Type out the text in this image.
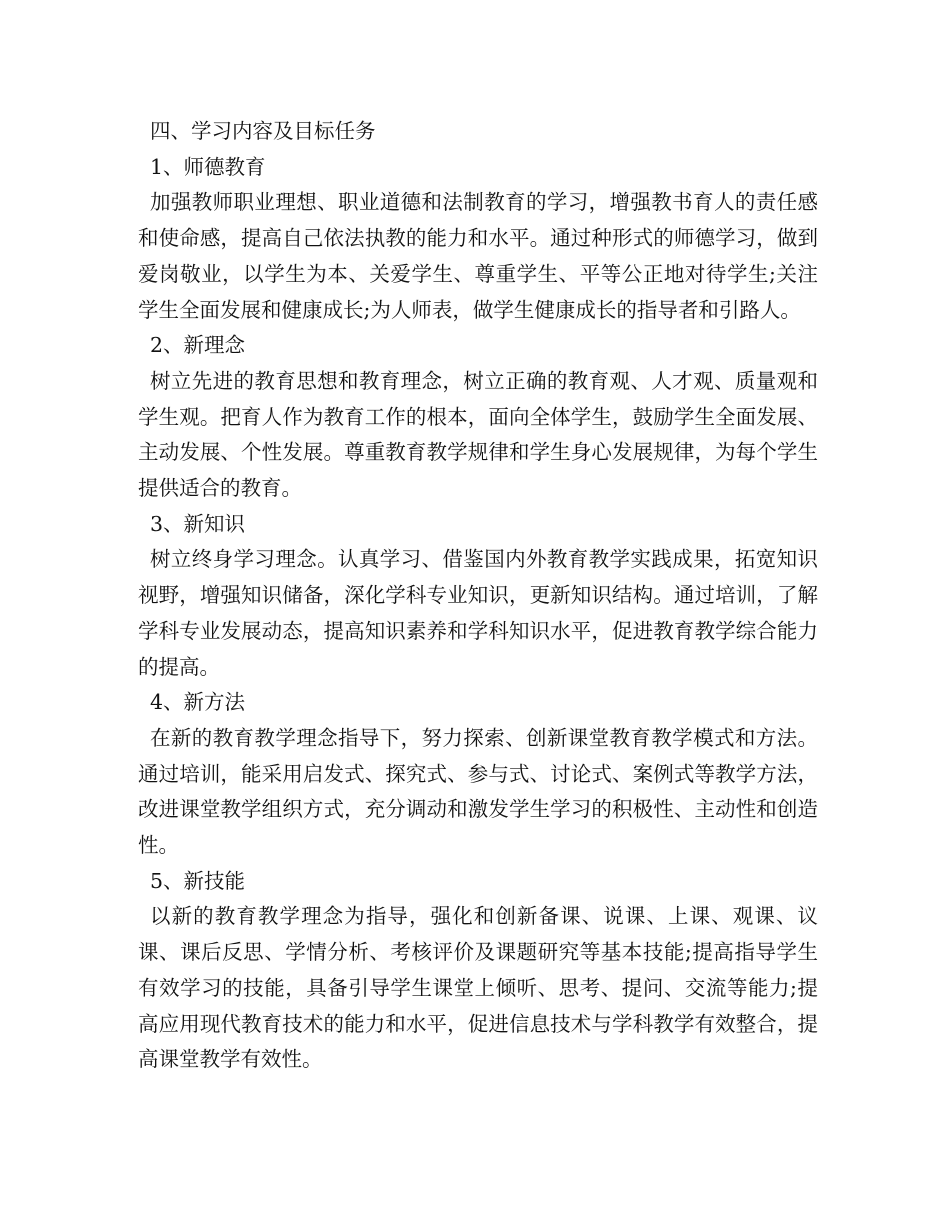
四、学习内容及目标任务

1、师德教育

加强教师职业理想、职业道德和法制教育的学习，增强教书育人的责任感和使命感，提高自己依法执教的能力和水平。通过种形式的师德学习，做到爱岗敬业，以学生为本、关爱学生、尊重学生、平等公正地对待学生;关注学生全面发展和健康成长;为人师表，做学生健康成长的指导者和引路人。

2、新理念

树立先进的教育思想和教育理念，树立正确的教育观、人才观、质量观和学生观。把育人作为教育工作的根本，面向全体学生，鼓励学生全面发展、主动发展、个性发展。尊重教育教学规律和学生身心发展规律，为每个学生提供适合的教育。

3、新知识

树立终身学习理念。认真学习、借鉴国内外教育教学实践成果，拓宽知识视野，增强知识储备，深化学科专业知识，更新知识结构。通过培训，了解学科专业发展动态，提高知识素养和学科知识水平，促进教育教学综合能力的提高。

4、新方法

在新的教育教学理念指导下，努力探索、创新课堂教育教学模式和方法。通过培训，能采用启发式、探究式、参与式、讨论式、案例式等教学方法，改进课堂教学组织方式，充分调动和激发学生学习的积极性、主动性和创造性。

5、新技能

以新的教育教学理念为指导，强化和创新备课、说课、上课、观课、议课、课后反思、学情分析、考核评价及课题研究等基本技能;提高指导学生有效学习的技能，具备引导学生课堂上倾听、思考、提问、交流等能力;提高应用现代教育技术的能力和水平，促进信息技术与学科教学有效整合，提高课堂教学有效性。
